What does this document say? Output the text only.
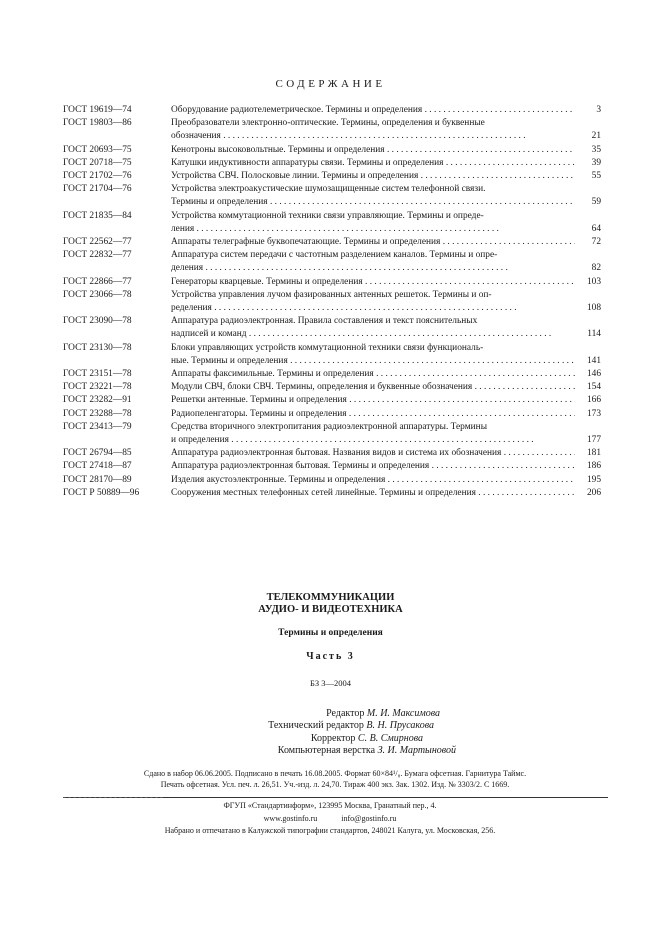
СОДЕРЖАНИЕ
ГОСТ 19619—74	Оборудование радиотелеметрическое. Термины и определения . . .	3
ГОСТ 19803—86	Преобразователи электронно-оптические. Термины, определения и буквенные
обозначения . . .	21
ГОСТ 20693—75	Кенотроны высоковольтные. Термины и определения . . .	35
ГОСТ 20718—75	Катушки индуктивности аппаратуры связи. Термины и определения . . .	39
ГОСТ 21702—76	Устройства СВЧ. Полосковые линии. Термины и определения . . .	55
ГОСТ 21704—76	Устройства электроакустические шумозащищенные систем телефонной связи.
Термины и определения . . .	59
ГОСТ 21835—84	Устройства коммутационной техники связи управляющие. Термины и опреде-
ления . . .	64
ГОСТ 22562—77	Аппараты телеграфные буквопечатающие. Термины и определения . . .	72
ГОСТ 22832—77	Аппаратура систем передачи с частотным разделением каналов. Термины и опре-
деления . . .	82
ГОСТ 22866—77	Генераторы кварцевые. Термины и определения . . .	103
ГОСТ 23066—78	Устройства управления лучом фазированных антенных решеток. Термины и оп-
ределения . . .	108
ГОСТ 23090—78	Аппаратура радиоэлектронная. Правила составления и текст пояснительных
надписей и команд . . .	114
ГОСТ 23130—78	Блоки управляющих устройств коммутационной техники связи функциональ-
ные. Термины и определения . . .	141
ГОСТ 23151—78	Аппараты факсимильные. Термины и определения . . .	146
ГОСТ 23221—78	Модули СВЧ, блоки СВЧ. Термины, определения и буквенные обозначения . . .	154
ГОСТ 23282—91	Решетки антенные. Термины и определения . . .	166
ГОСТ 23288—78	Радиопеленгаторы. Термины и определения . . .	173
ГОСТ 23413—79	Средства вторичного электропитания радиоэлектронной аппаратуры. Термины
и определения . . .	177
ГОСТ 26794—85	Аппаратура радиоэлектронная бытовая. Названия видов и система их обозначения . . .	181
ГОСТ 27418—87	Аппаратура радиоэлектронная бытовая. Термины и определения . . .	186
ГОСТ 28170—89	Изделия акустоэлектронные. Термины и определения . . .	195
ГОСТ Р 50889—96	Сооружения местных телефонных сетей линейные. Термины и определения . . .	206
ТЕЛЕКОММУНИКАЦИИ
АУДИО- И ВИДЕОТЕХНИКА
Термины и определения
Часть 3
БЗ 3—2004
Редактор М. И. Максимова
Технический редактор В. Н. Прусакова
Корректор С. В. Смирнова
Компьютерная верстка З. И. Мартыновой
Сдано в набор 06.06.2005. Подписано в печать 16.08.2005. Формат 60×84¹/₈. Бумага офсетная. Гарнитура Таймс.
Печать офсетная. Усл. печ. л. 26,51. Уч.-изд. л. 24,70. Тираж 400 экз. Зак. 1302. Изд. № 3303/2. С 1669.
ФГУП «Стандартинформ», 123995 Москва, Гранатный пер., 4.
www.gostinfo.ru	info@gostinfo.ru
Набрано и отпечатано в Калужской типографии стандартов, 248021 Калуга, ул. Московская, 256.
